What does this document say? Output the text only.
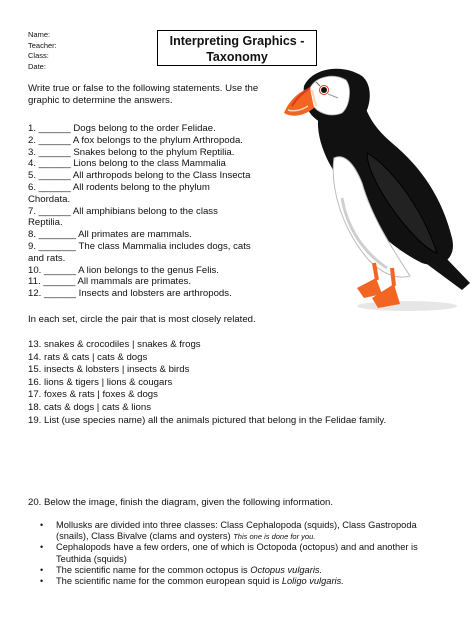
Name:
Teacher:
Class:
Date:
Interpreting Graphics -
Taxonomy
Write true or false to the following statements. Use the graphic to determine the answers.
1. ______ Dogs belong to the order Felidae.
2. ______ A fox belongs to the phylum Arthropoda.
3. ______ Snakes belong to the phylum Reptilia.
4. ______ Lions belong to the class Mammalia
5. ______ All arthropods belong to the Class Insecta
6. ______ All rodents belong to the phylum
Chordata.
7. ______ All amphibians belong to the class
Reptilia.
8. _______ All primates are mammals.
9. _______ The class Mammalia includes dogs, cats
and rats.
10. ______ A lion belongs to the genus Felis.
11. ______ All mammals are primates.
12. ______ Insects and lobsters are arthropods.
In each set, circle the pair that is most closely related.
13. snakes & crocodiles | snakes & frogs
14. rats & cats | cats & dogs
15. insects & lobsters | insects & birds
16. lions & tigers | lions & cougars
17. foxes & rats | foxes & dogs
18. cats & dogs | cats & lions
19. List (use species name) all the animals pictured that belong in the Felidae family.
20. Below the image, finish the diagram, given the following information.
• Mollusks are divided into three classes: Class Cephalopoda (squids), Class Gastropoda (snails), Class Bivalve (clams and oysters) This one is done for you.
• Cephalopods have a few orders, one of which is Octopoda (octopus) and and another is Teuthida (squids)
• The scientific name for the common octopus is Octopus vulgaris.
• The scientific name for the common european squid is Loligo vulgaris.
